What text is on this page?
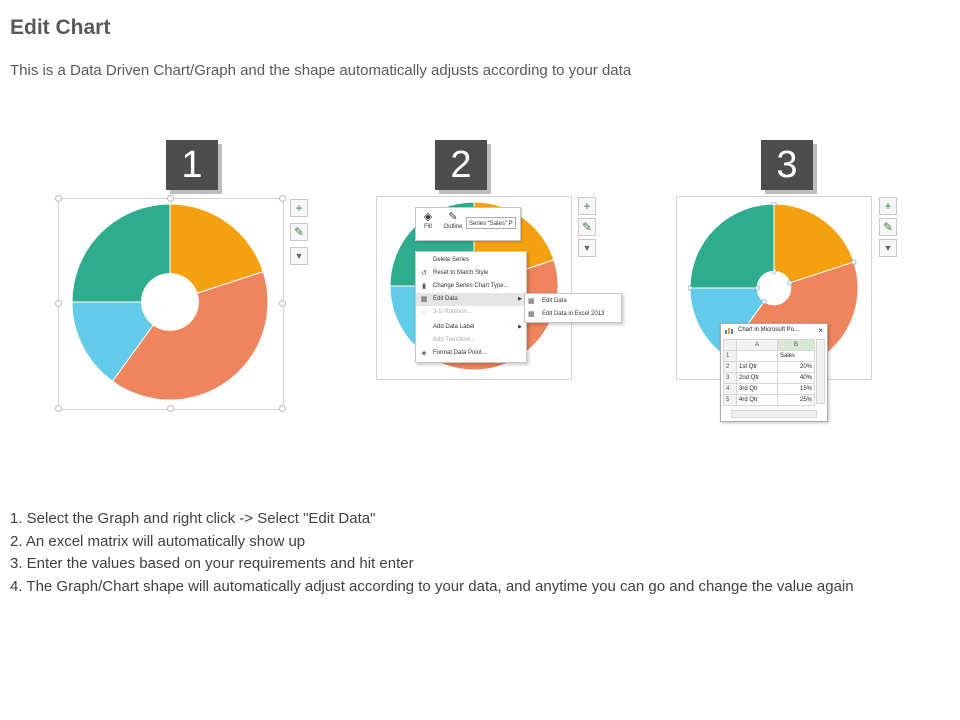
Edit Chart
This is a Data Driven Chart/Graph and the shape automatically adjusts according to your data
1	2	3
+
✎
▼
+
✎
▼
◈
Fill
✎
Outline	Series "Sales" P
Delete Series
↺	Reset to Match Style
▮	Change Series Chart Type...
▦ Edit Data	▶
◌	3-D Rotation...
Add Data Label	▶
Add Trendline...
◈	Format Data Point...
▦ Edit Data
▦ Edit Data in Excel 2013
+
✎
▼
Chart in Microsoft Po... ×
	A	B
1		Sales
2	1st Qtr	20%
3	2nd Qtr	40%
4	3rd Qtr	15%
5	4rd Qtr	25%
1. Select the Graph and right click -> Select "Edit Data"
2. An excel matrix will automatically show up
3. Enter the values based on your requirements and hit enter
4. The Graph/Chart shape will automatically adjust according to your data, and anytime you can go and change the value again
